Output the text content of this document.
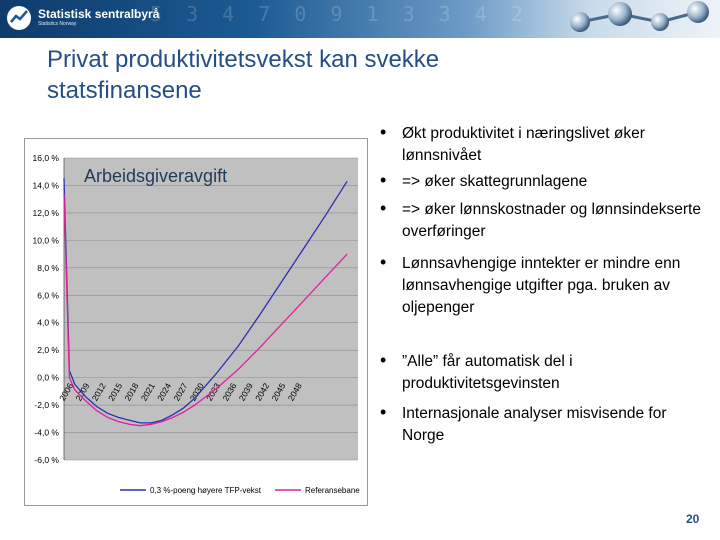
5 3 4 7 0 9 1 3 3 4 2
Statistisk sentralbyrå
Statistics Norway
Privat produktivitetsvekst kan svekke statsfinansene
16,0 %
14,0 %
12,0 %
10,0 %
8,0 %
6,0 %
4,0 %
2,0 %
0,0 %
-2,0 %
-4,0 %
-6,0 %
2006
2009
2012
2015
2018
2021
2024
2027
2030
2033
2036
2039
2042
2045
2048
Arbeidsgiveravgift
0,3 %-poeng høyere TFP-vekst	Referansebane
• Økt produktivitet i næringslivet øker lønnsnivået
• => øker skattegrunnlagene
• => øker lønnskostnader og lønnsindekserte overføringer
• Lønnsavhengige inntekter er mindre enn lønnsavhengige utgifter pga. bruken av oljepenger
• ”Alle” får automatisk del i produktivitetsgevinsten
• Internasjonale analyser misvisende for Norge
20
